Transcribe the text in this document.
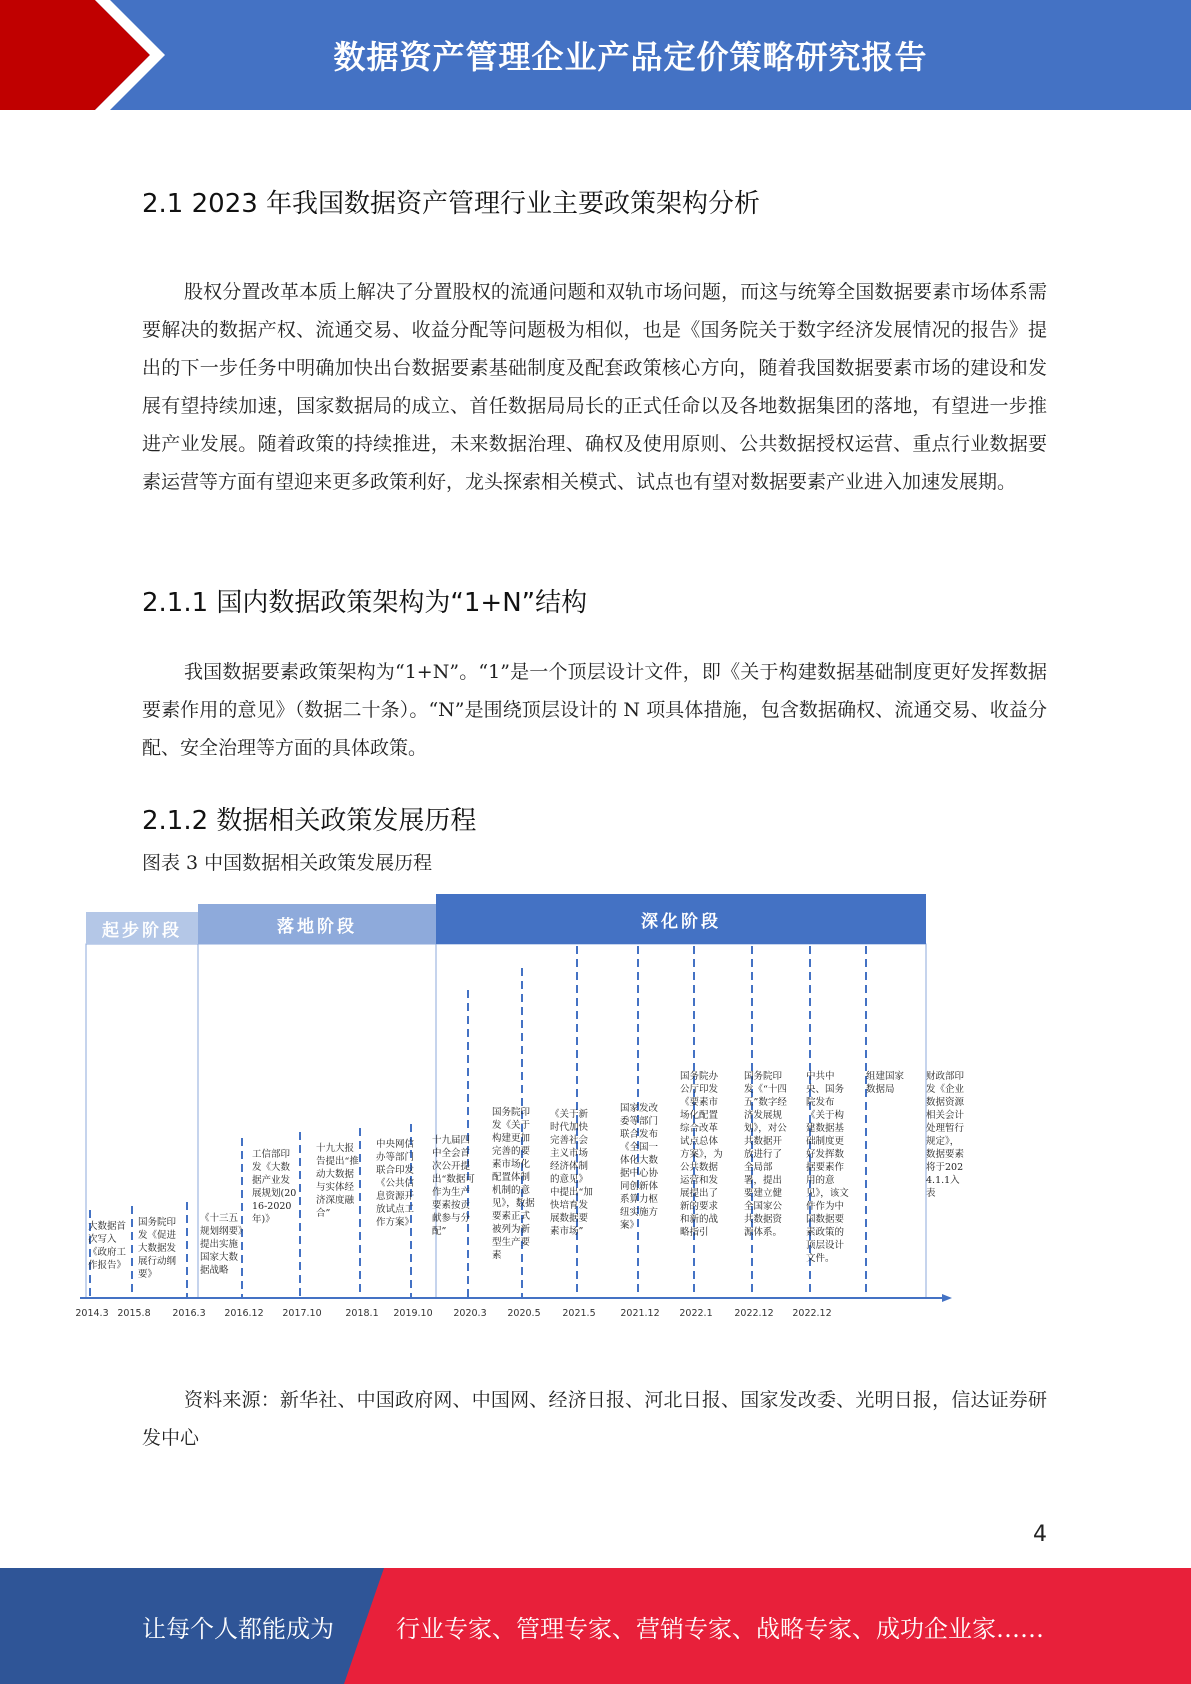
数据资产管理企业产品定价策略研究报告
2.1 2023 年我国数据资产管理行业主要政策架构分析

股权分置改革本质上解决了分置股权的流通问题和双轨市场问题，而这与统筹全国数据要素市场体系需要解决的数据产权、流通交易、收益分配等问题极为相似，也是《国务院关于数字经济发展情况的报告》提出的下一步任务中明确加快出台数据要素基础制度及配套政策核心方向，随着我国数据要素市场的建设和发展有望持续加速，国家数据局的成立、首任数据局局长的正式任命以及各地数据集团的落地，有望进一步推进产业发展。随着政策的持续推进，未来数据治理、确权及使用原则、公共数据授权运营、重点行业数据要素运营等方面有望迎来更多政策利好，龙头探索相关模式、试点也有望对数据要素产业进入加速发展期。

2.1.1 国内数据政策架构为“1+N”结构

我国数据要素政策架构为“1+N”。“1”是一个顶层设计文件，即《关于构建数据基础制度更好发挥数据要素作用的意见》（数据二十条）。“N”是围绕顶层设计的 N 项具体措施，包含数据确权、流通交易、收益分配、安全治理等方面的具体政策。

2.1.2 数据相关政策发展历程
图表 3 中国数据相关政策发展历程
起步阶段	落地阶段	深化阶段
大数据首次写入《政府工作报告》
国务院印发《促进大数据发展行动纲要》
《十三五规划纲要》提出实施国家大数据战略
工信部印发《大数据产业发展规划(2016-2020年)》
十九大报告提出“推动大数据与实体经济深度融合”
中央网信办等部门联合印发《公共信息资源开放试点工作方案》
十九届四中全会首次公开提出“数据可作为生产要素按贡献参与分配”
国务院印发《关于构建更加完善的要素市场化配置体制机制的意见》，数据要素正式被列为新型生产要素
《关于新时代加快完善社会主义市场经济体制的意见》中提出“加快培育发展数据要素市场”
国家发改委等部门联合发布《全国一体化大数据中心协同创新体系算力枢纽实施方案》
国务院办公厅印发《要素市场化配置综合改革试点总体方案》，为公共数据运营和发展提出了新的要求和新的战略指引
国务院印发《“十四五”数字经济发展规划》，对公共数据开放进行了全局部署，提出要建立健全国家公共数据资源体系。
中共中央、国务院发布《关于构建数据基础制度更好发挥数据要素作用的意见》，该文件作为中国数据要素政策的顶层设计文件。
组建国家数据局
财政部印发《企业数据资源相关会计处理暂行规定》，数据要素将于2024.1.1入表
2014.3 2015.8 2016.3 2016.12 2017.10 2018.1 2019.10 2020.3 2020.5 2021.5	2021.12 2022.1 2022.12 2022.12

资料来源：新华社、中国政府网、中国网、经济日报、河北日报、国家发改委、光明日报，信达证券研发中心

4
让每个人都能成为	行业专家、管理专家、营销专家、战略专家、成功企业家……
